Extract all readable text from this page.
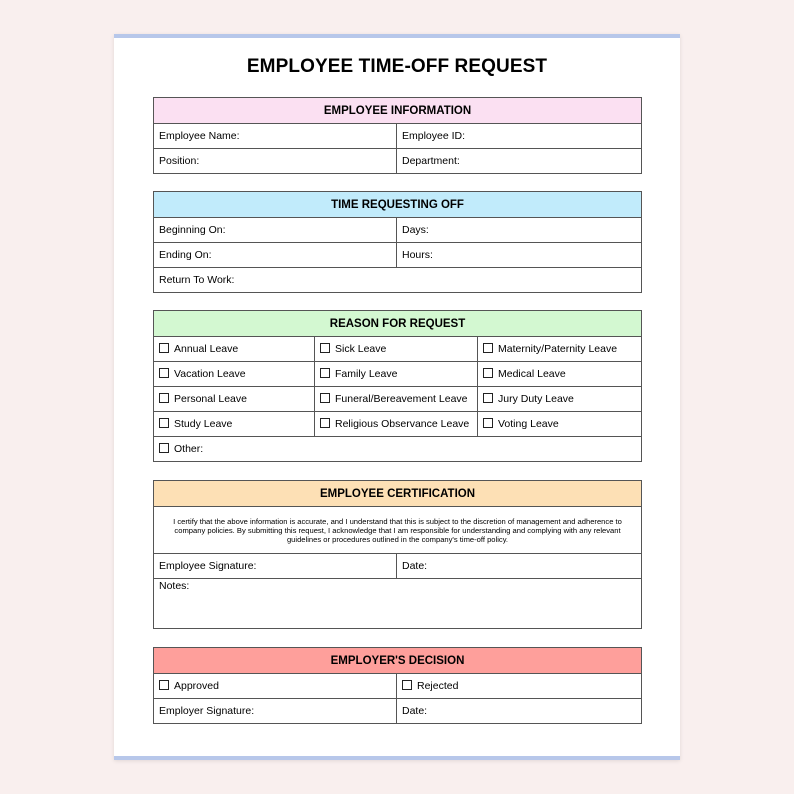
EMPLOYEE TIME-OFF REQUEST
EMPLOYEE INFORMATION	
Employee Name:	Employee ID:
Position:	Department:
TIME REQUESTING OFF	
Beginning On:	Days:
Ending On:	Hours:
Return To Work:	
REASON FOR REQUEST		
Annual Leave	Sick Leave	Maternity/Paternity Leave
Vacation Leave	Family Leave	Medical Leave
Personal Leave	Funeral/Bereavement Leave	Jury Duty Leave
Study Leave	Religious Observance Leave	Voting Leave
Other:		
EMPLOYEE CERTIFICATION
I certify that the above information is accurate, and I understand that this is subject to the discretion of management and adherence to company policies. By submitting this request, I acknowledge that I am responsible for understanding and complying with any relevant guidelines or procedures outlined in the company's time-off policy.
Employee Signature:	Date:
Notes:
EMPLOYER'S DECISION	
Approved	Rejected
Employer Signature:	Date:
